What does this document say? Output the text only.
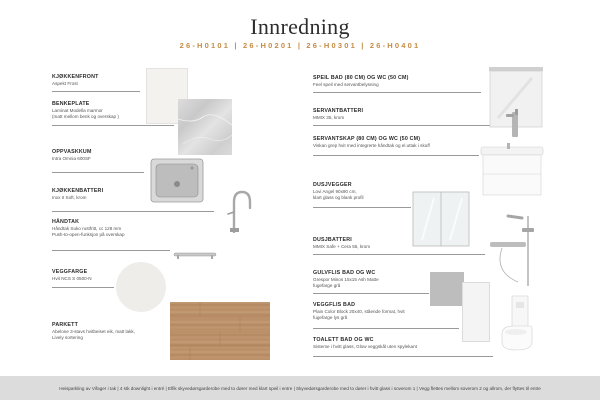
Innredning
26-H0101 | 26-H0201 | 26-H0301 | 26-H0401
KJØKKENFRONT
Aspekt Frost
BENKEPLATE
Laminat Modella marmor
(matt mellom benk og overskap )
OPPVASKKUM
Intra Omnia 600SF
KJØKKENBATTERI
Inxx II Soft, krom
HÅNDTAK
Håndtak Suko rustfritt, cc 128 mm
Push-to-open-funksjon på overskap
VEGGFARGE
Hvit NCS S 0500-N
PARKETT
Abelone 3-stavs hvitbeiset eik, matt lakk,
Lively sortering
SPEIL BAD (80 CM) OG WC (50 CM)
Feel speil med servantbelysning
SERVANTBATTERI
MMIX 35, krom
SERVANTSKAP (80 CM) OG WC (50 CM)
Viskan grep hvit med integrerte håndtak og el.uttak i skuff
DUSJVEGGER
Lovi Angel 90x90 cm,
klart glass og blank profil
DUSJBATTERI
MMIX Safe + Cera 55, krom
GULVFLIS BAD OG WC
Grespor Minos 15x15 Ash Matte
fugefarge grå
VEGGFLIS BAD
Plain Color Block 20x40, stående format, hvit
fugefarge lys grå
TOALETT BAD OG WC
Sisteme i hvitt glass, Glow veggskål uten spylekant
Heisparkling av Vifager i tak | 4 stk downlight i entré | Elfik skyvedørsgarderobe med to dører med klart speil i entre | Skyvedørsgarderobe med to dører i hvitt glass i soverom 1 | Vegg flettes mellom soverom 2 og allrom, der flyttes til entre
